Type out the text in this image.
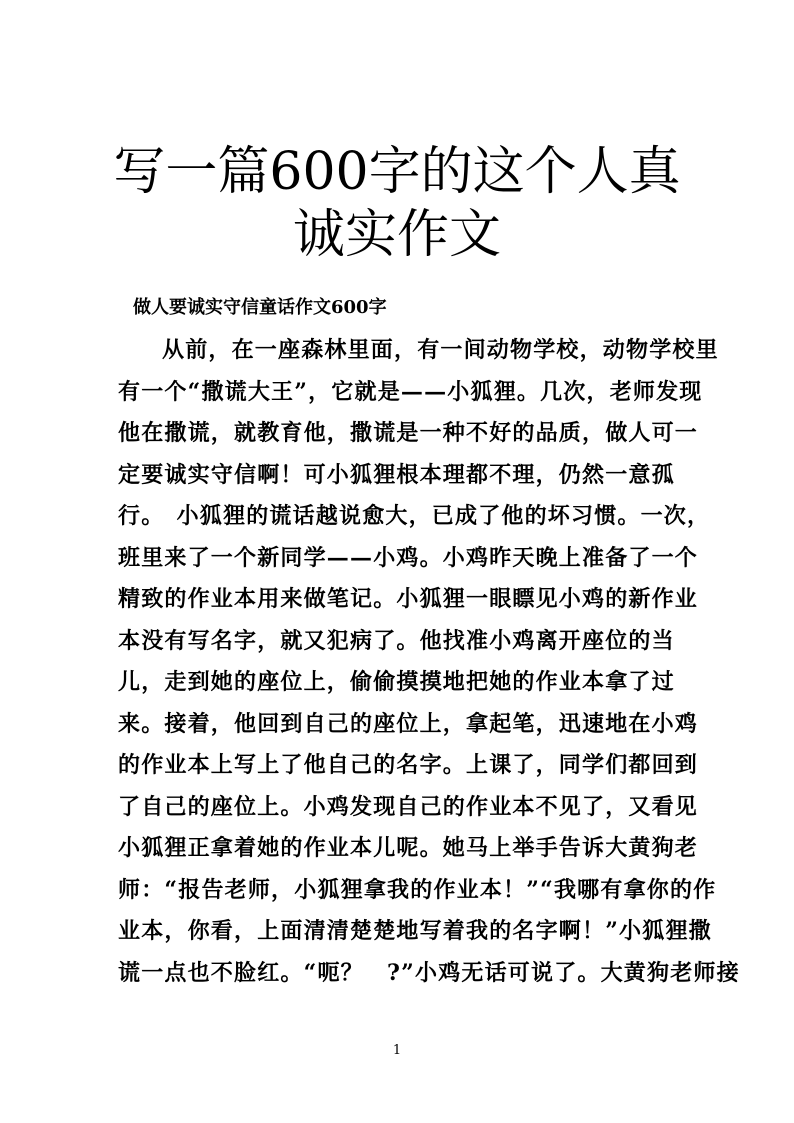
写一篇600字的这个人真
诚实作文
做人要诚实守信童话作文600字
从前，在一座森林里面，有一间动物学校，动物学校里
有一个“撒谎大王”，它就是——小狐狸。几次，老师发现
他在撒谎，就教育他，撒谎是一种不好的品质，做人可一
定要诚实守信啊！可小狐狸根本理都不理，仍然一意孤
行。　小狐狸的谎话越说愈大，已成了他的坏习惯。一次，
班里来了一个新同学——小鸡。小鸡昨天晚上准备了一个
精致的作业本用来做笔记。小狐狸一眼瞟见小鸡的新作业
本没有写名字，就又犯病了。他找准小鸡离开座位的当
儿，走到她的座位上，偷偷摸摸地把她的作业本拿了过
来。接着，他回到自己的座位上，拿起笔，迅速地在小鸡
的作业本上写上了他自己的名字。上课了，同学们都回到
了自己的座位上。小鸡发现自己的作业本不见了，又看见
小狐狸正拿着她的作业本儿呢。她马上举手告诉大黄狗老
师：“报告老师，小狐狸拿我的作业本！”“我哪有拿你的作
业本，你看，上面清清楚楚地写着我的名字啊！”小狐狸撒
谎一点也不脸红。“呃？　?”小鸡无话可说了。大黄狗老师接
1
